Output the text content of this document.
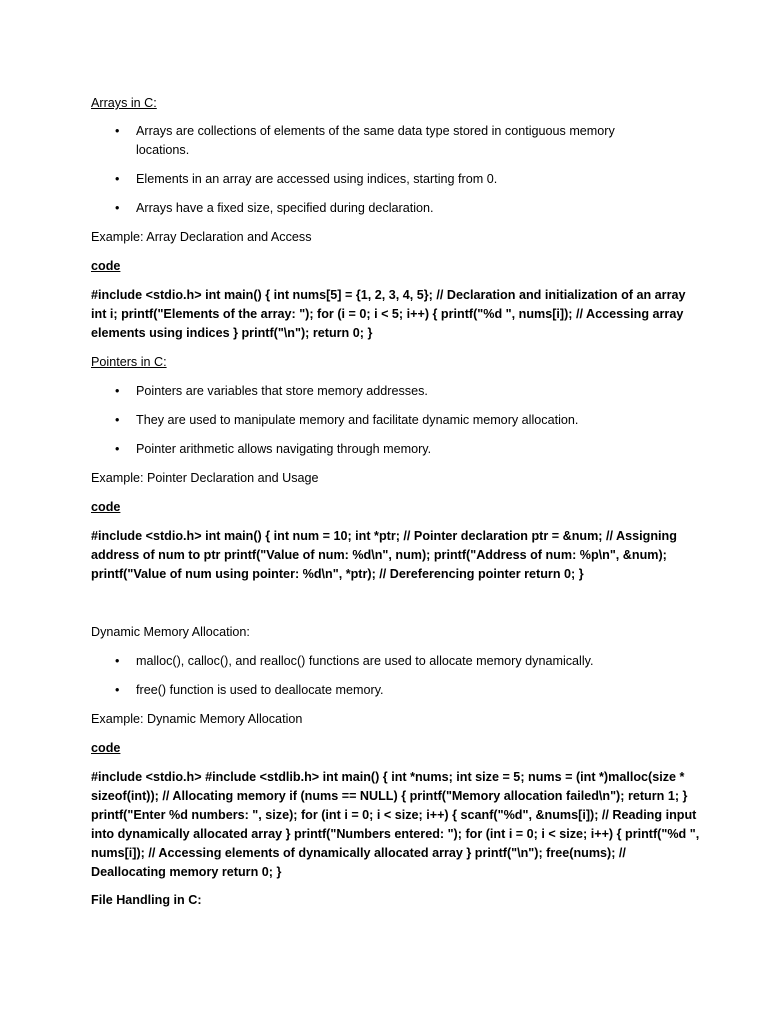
Arrays in C:

• Arrays are collections of elements of the same data type stored in contiguous memory

locations.

• Elements in an array are accessed using indices, starting from 0.

• Arrays have a fixed size, specified during declaration.

Example: Array Declaration and Access

code

#include <stdio.h> int main() { int nums[5] = {1, 2, 3, 4, 5}; // Declaration and initialization of an array

int i; printf("Elements of the array: "); for (i = 0; i < 5; i++) { printf("%d ", nums[i]); // Accessing array

elements using indices } printf("\n"); return 0; }

Pointers in C:

• Pointers are variables that store memory addresses.

• They are used to manipulate memory and facilitate dynamic memory allocation.

• Pointer arithmetic allows navigating through memory.

Example: Pointer Declaration and Usage

code

#include <stdio.h> int main() { int num = 10; int *ptr; // Pointer declaration ptr = &num; // Assigning

address of num to ptr printf("Value of num: %d\n", num); printf("Address of num: %p\n", &num);

printf("Value of num using pointer: %d\n", *ptr); // Dereferencing pointer return 0; }

Dynamic Memory Allocation:

• malloc(), calloc(), and realloc() functions are used to allocate memory dynamically.

• free() function is used to deallocate memory.

Example: Dynamic Memory Allocation

code

#include <stdio.h> #include <stdlib.h> int main() { int *nums; int size = 5; nums = (int *)malloc(size *

sizeof(int)); // Allocating memory if (nums == NULL) { printf("Memory allocation failed\n"); return 1; }

printf("Enter %d numbers: ", size); for (int i = 0; i < size; i++) { scanf("%d", &nums[i]); // Reading input

into dynamically allocated array } printf("Numbers entered: "); for (int i = 0; i < size; i++) { printf("%d ",

nums[i]); // Accessing elements of dynamically allocated array } printf("\n"); free(nums); //

Deallocating memory return 0; }

File Handling in C:
